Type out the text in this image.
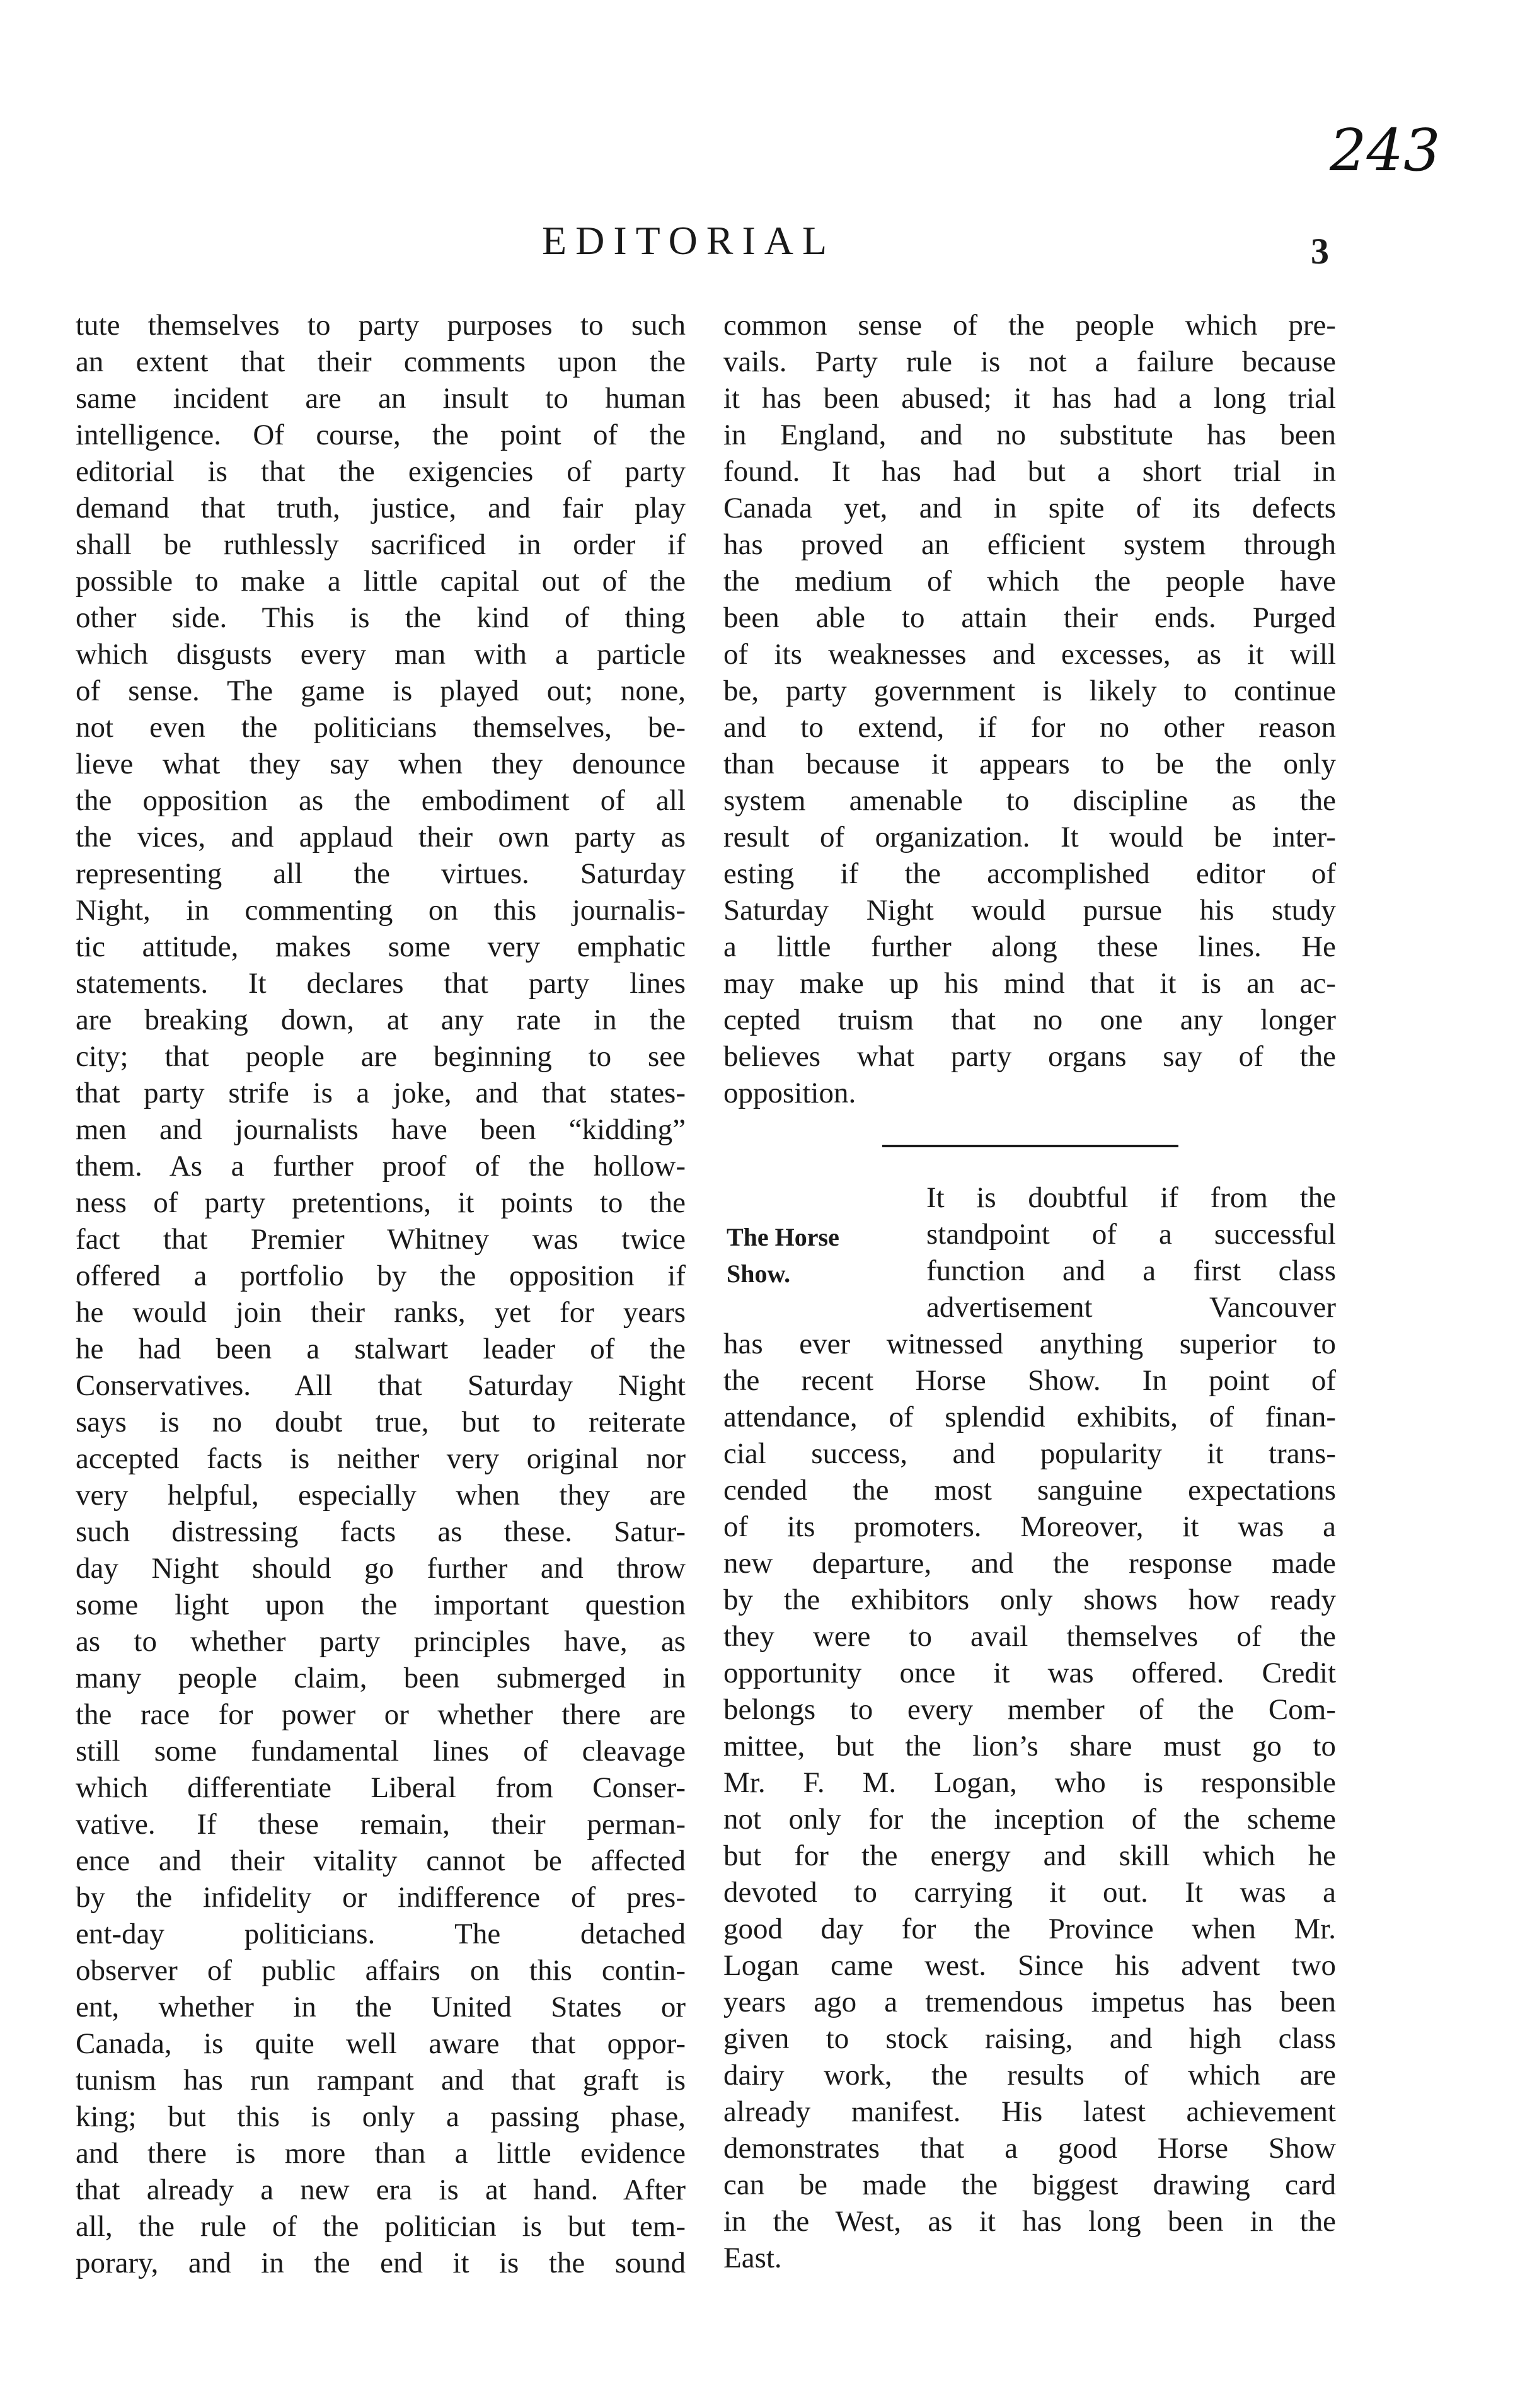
243
EDITORIAL	3
tute themselves to party purposes to such
an extent that their comments upon the
same incident are an insult to human
intelligence. Of course, the point of the
editorial is that the exigencies of party
demand that truth, justice, and fair play
shall be ruthlessly sacrificed in order if
possible to make a little capital out of the
other side. This is the kind of thing
which disgusts every man with a particle
of sense. The game is played out; none,
not even the politicians themselves, be-
lieve what they say when they denounce
the opposition as the embodiment of all
the vices, and applaud their own party as
representing all the virtues. Saturday
Night, in commenting on this journalis-
tic attitude, makes some very emphatic
statements. It declares that party lines
are breaking down, at any rate in the
city; that people are beginning to see
that party strife is a joke, and that states-
men and journalists have been “kidding”
them. As a further proof of the hollow-
ness of party pretentions, it points to the
fact that Premier Whitney was twice
offered a portfolio by the opposition if
he would join their ranks, yet for years
he had been a stalwart leader of the
Conservatives. All that Saturday Night
says is no doubt true, but to reiterate
accepted facts is neither very original nor
very helpful, especially when they are
such distressing facts as these. Satur-
day Night should go further and throw
some light upon the important question
as to whether party principles have, as
many people claim, been submerged in
the race for power or whether there are
still some fundamental lines of cleavage
which differentiate Liberal from Conser-
vative. If these remain, their perman-
ence and their vitality cannot be affected
by the infidelity or indifference of pres-
ent-day politicians. The detached
observer of public affairs on this contin-
ent, whether in the United States or
Canada, is quite well aware that oppor-
tunism has run rampant and that graft is
king; but this is only a passing phase,
and there is more than a little evidence
that already a new era is at hand. After
all, the rule of the politician is but tem-
porary, and in the end it is the sound
common sense of the people which pre-
vails. Party rule is not a failure because
it has been abused; it has had a long trial
in England, and no substitute has been
found. It has had but a short trial in
Canada yet, and in spite of its defects
has proved an efficient system through
the medium of which the people have
been able to attain their ends. Purged
of its weaknesses and excesses, as it will
be, party government is likely to continue
and to extend, if for no other reason
than because it appears to be the only
system amenable to discipline as the
result of organization. It would be inter-
esting if the accomplished editor of
Saturday Night would pursue his study
a little further along these lines. He
may make up his mind that it is an ac-
cepted truism that no one any longer
believes what party organs say of the
opposition.
The Horse
Show.
It is doubtful if from the
standpoint of a successful
function and a first class
advertisement Vancouver
has ever witnessed anything superior to
the recent Horse Show. In point of
attendance, of splendid exhibits, of finan-
cial success, and popularity it trans-
cended the most sanguine expectations
of its promoters. Moreover, it was a
new departure, and the response made
by the exhibitors only shows how ready
they were to avail themselves of the
opportunity once it was offered. Credit
belongs to every member of the Com-
mittee, but the lion’s share must go to
Mr. F. M. Logan, who is responsible
not only for the inception of the scheme
but for the energy and skill which he
devoted to carrying it out. It was a
good day for the Province when Mr.
Logan came west. Since his advent two
years ago a tremendous impetus has been
given to stock raising, and high class
dairy work, the results of which are
already manifest. His latest achievement
demonstrates that a good Horse Show
can be made the biggest drawing card
in the West, as it has long been in the
East.
